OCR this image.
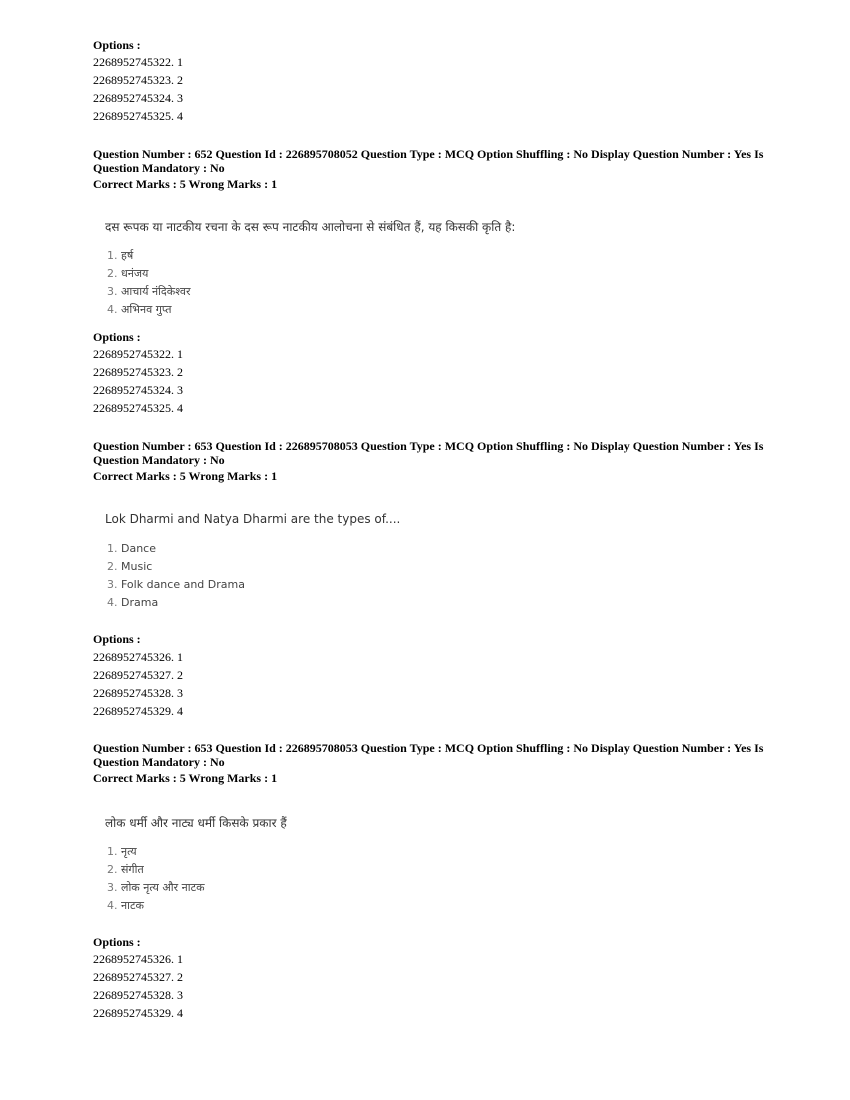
Options :
2268952745322. 1
2268952745323. 2
2268952745324. 3
2268952745325. 4
Question Number : 652 Question Id : 226895708052 Question Type : MCQ Option Shuffling : No Display Question Number : Yes Is Question Mandatory : No
Correct Marks : 5 Wrong Marks : 1
दस रूपक या नाटकीय रचना के दस रूप नाटकीय आलोचना से संबंधित हैं, यह किसकी कृति है:
1. हर्ष
2. धनंजय
3. आचार्य नंदिकेश्वर
4. अभिनव गुप्त
Options :
2268952745322. 1
2268952745323. 2
2268952745324. 3
2268952745325. 4
Question Number : 653 Question Id : 226895708053 Question Type : MCQ Option Shuffling : No Display Question Number : Yes Is Question Mandatory : No
Correct Marks : 5 Wrong Marks : 1
Lok Dharmi and Natya Dharmi are the types of....
1. Dance
2. Music
3. Folk dance and Drama
4. Drama
Options :
2268952745326. 1
2268952745327. 2
2268952745328. 3
2268952745329. 4
Question Number : 653 Question Id : 226895708053 Question Type : MCQ Option Shuffling : No Display Question Number : Yes Is Question Mandatory : No
Correct Marks : 5 Wrong Marks : 1
लोक धर्मी और नाट्य धर्मी किसके प्रकार हैं
1. नृत्य
2. संगीत
3. लोक नृत्य और नाटक
4. नाटक
Options :
2268952745326. 1
2268952745327. 2
2268952745328. 3
2268952745329. 4
